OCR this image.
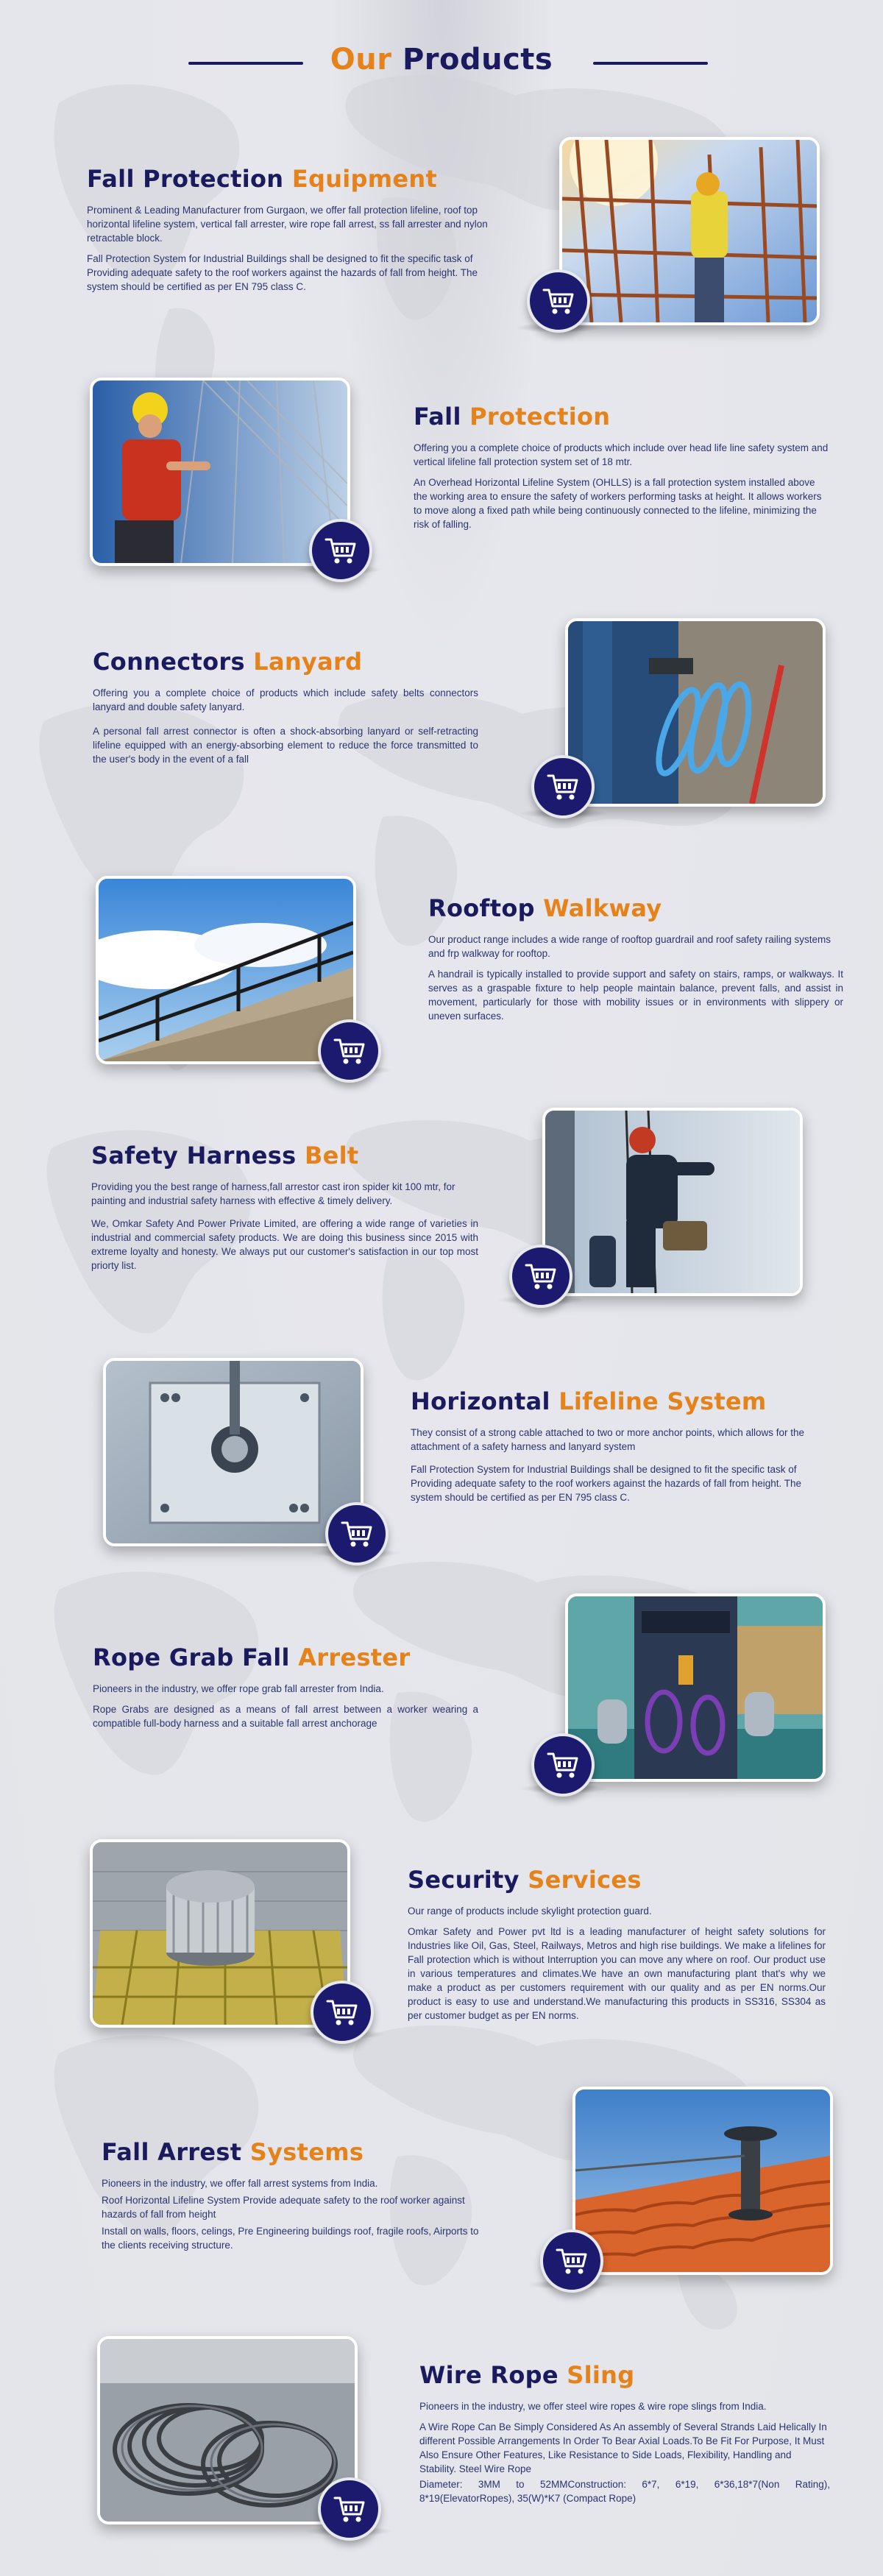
Our Products
Fall Protection Equipment

Prominent & Leading Manufacturer from Gurgaon, we offer fall protection lifeline, roof top horizontal lifeline system, vertical fall arrester, wire rope fall arrest, ss fall arrester and nylon retractable block.

Fall Protection System for Industrial Buildings shall be designed to fit the specific task of Providing adequate safety to the roof workers against the hazards of fall from height. The system should be certified as per EN 795 class C.

Fall Protection

Offering you a complete choice of products which include over head life line safety system and vertical lifeline fall protection system set of 18 mtr.

An Overhead Horizontal Lifeline System (OHLLS) is a fall protection system installed above the working area to ensure the safety of workers performing tasks at height. It allows workers to move along a fixed path while being continuously connected to the lifeline, minimizing the risk of falling.

Connectors Lanyard

Offering you a complete choice of products which include safety belts connectors lanyard and double safety lanyard.

A personal fall arrest connector is often a shock-absorbing lanyard or self-retracting lifeline equipped with an energy-absorbing element to reduce the force transmitted to the user's body in the event of a fall

Rooftop Walkway

Our product range includes a wide range of rooftop guardrail and roof safety railing systems and frp walkway for rooftop.

A handrail is typically installed to provide support and safety on stairs, ramps, or walkways. It serves as a graspable fixture to help people maintain balance, prevent falls, and assist in movement, particularly for those with mobility issues or in environments with slippery or uneven surfaces.

Safety Harness Belt

Providing you the best range of harness,fall arrestor cast iron spider kit 100 mtr, for painting and industrial safety harness with effective & timely delivery.

We, Omkar Safety And Power Private Limited, are offering a wide range of varieties in industrial and commercial safety products. We are doing this business since 2015 with extreme loyalty and honesty. We always put our customer's satisfaction in our top most priorty list.

Horizontal Lifeline System

They consist of a strong cable attached to two or more anchor points, which allows for the attachment of a safety harness and lanyard system

Fall Protection System for Industrial Buildings shall be designed to fit the specific task of Providing adequate safety to the roof workers against the hazards of fall from height. The system should be certified as per EN 795 class C.

Rope Grab Fall Arrester

Pioneers in the industry, we offer rope grab fall arrester from India.

Rope Grabs are designed as a means of fall arrest between a worker wearing a compatible full-body harness and a suitable fall arrest anchorage

Security Services

Our range of products include skylight protection guard.

Omkar Safety and Power pvt ltd is a leading manufacturer of height safety solutions for Industries like Oil, Gas, Steel, Railways, Metros and high rise buildings. We make a lifelines for Fall protection which is without Interruption you can move any where on roof. Our product use in various temperatures and climates.We have an own manufacturing plant that's why we make a product as per customers requirement with our quality and as per EN norms.Our product is easy to use and understand.We manufacturing this products in SS316, SS304 as per customer budget as per EN norms.

Fall Arrest Systems

Pioneers in the industry, we offer fall arrest systems from India.

Roof Horizontal Lifeline System Provide adequate safety to the roof worker against hazards of fall from height

Install on walls, floors, celings, Pre Engineering buildings roof, fragile roofs, Airports to the clients receiving structure.

Wire Rope Sling

Pioneers in the industry, we offer steel wire ropes & wire rope slings from India.

A Wire Rope Can Be Simply Considered As An assembly of Several Strands Laid Helically In different Possible Arrangements In Order To Bear Axial Loads.To Be Fit For Purpose, It Must Also Ensure Other Features, Like Resistance to Side Loads, Flexibility, Handling and Stability. Steel Wire Rope

Diameter: 3MM to 52MMConstruction: 6*7, 6*19, 6*36,18*7(Non Rating), 8*19(ElevatorRopes), 35(W)*K7 (Compact Rope)
